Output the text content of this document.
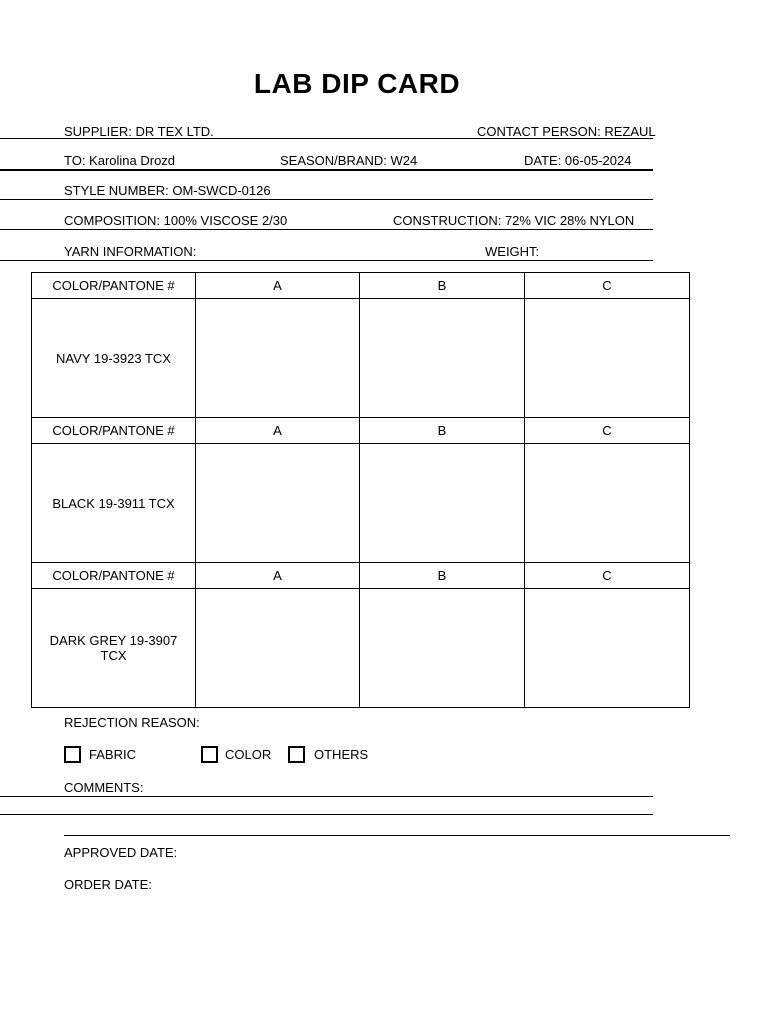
LAB DIP CARD
SUPPLIER: DR TEX LTD.	CONTACT PERSON: REZAUL
TO: Karolina Drozd	SEASON/BRAND: W24	DATE: 06-05-2024
STYLE NUMBER: OM-SWCD-0126
COMPOSITION: 100% VISCOSE 2/30	CONSTRUCTION: 72% VIC 28% NYLON
YARN INFORMATION:	WEIGHT:
COLOR/PANTONE #	A	B	C
NAVY 19-3923 TCX			
COLOR/PANTONE #	A	B	C
BLACK 19-3911 TCX			
COLOR/PANTONE #	A	B	C
DARK GREY 19-3907 TCX			
REJECTION REASON:
FABRIC	COLOR	OTHERS
COMMENTS:
APPROVED DATE:
ORDER DATE:
